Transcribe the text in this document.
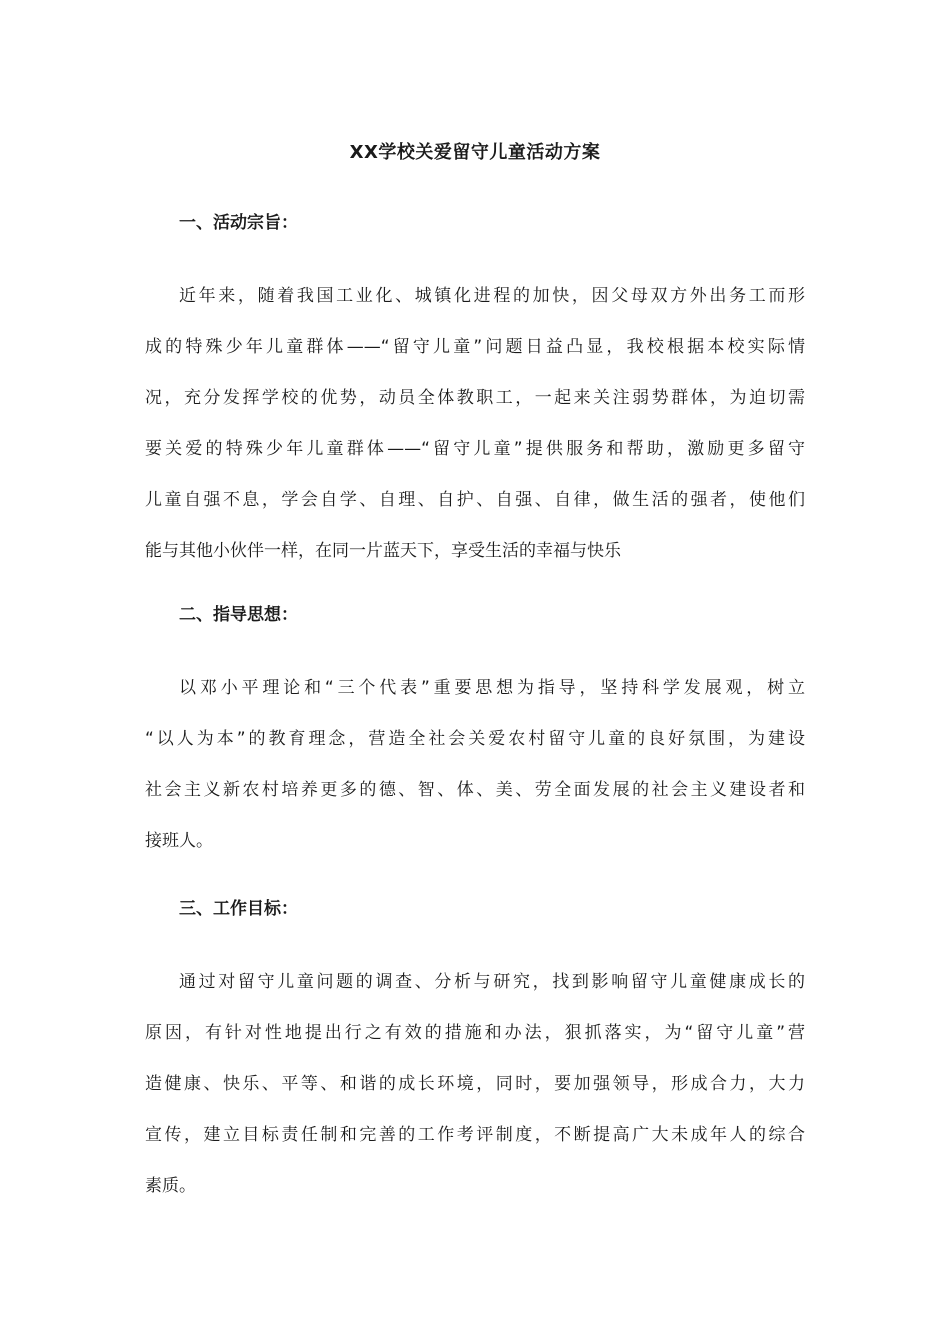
XX学校关爱留守儿童活动方案
一、活动宗旨：
近年来，随着我国工业化、城镇化进程的加快，因父母双方外出务工而形
成的特殊少年儿童群体——“留守儿童”问题日益凸显，我校根据本校实际情
况，充分发挥学校的优势，动员全体教职工，一起来关注弱势群体，为迫切需
要关爱的特殊少年儿童群体——“留守儿童”提供服务和帮助，激励更多留守
儿童自强不息，学会自学、自理、自护、自强、自律，做生活的强者，使他们
能与其他小伙伴一样，在同一片蓝天下，享受生活的幸福与快乐
二、指导思想：
以邓小平理论和“三个代表”重要思想为指导，坚持科学发展观，树立
“以人为本”的教育理念，营造全社会关爱农村留守儿童的良好氛围，为建设
社会主义新农村培养更多的德、智、体、美、劳全面发展的社会主义建设者和
接班人。
三、工作目标：
通过对留守儿童问题的调查、分析与研究，找到影响留守儿童健康成长的
原因，有针对性地提出行之有效的措施和办法，狠抓落实，为“留守儿童”营
造健康、快乐、平等、和谐的成长环境，同时，要加强领导，形成合力，大力
宣传，建立目标责任制和完善的工作考评制度，不断提高广大未成年人的综合
素质。
